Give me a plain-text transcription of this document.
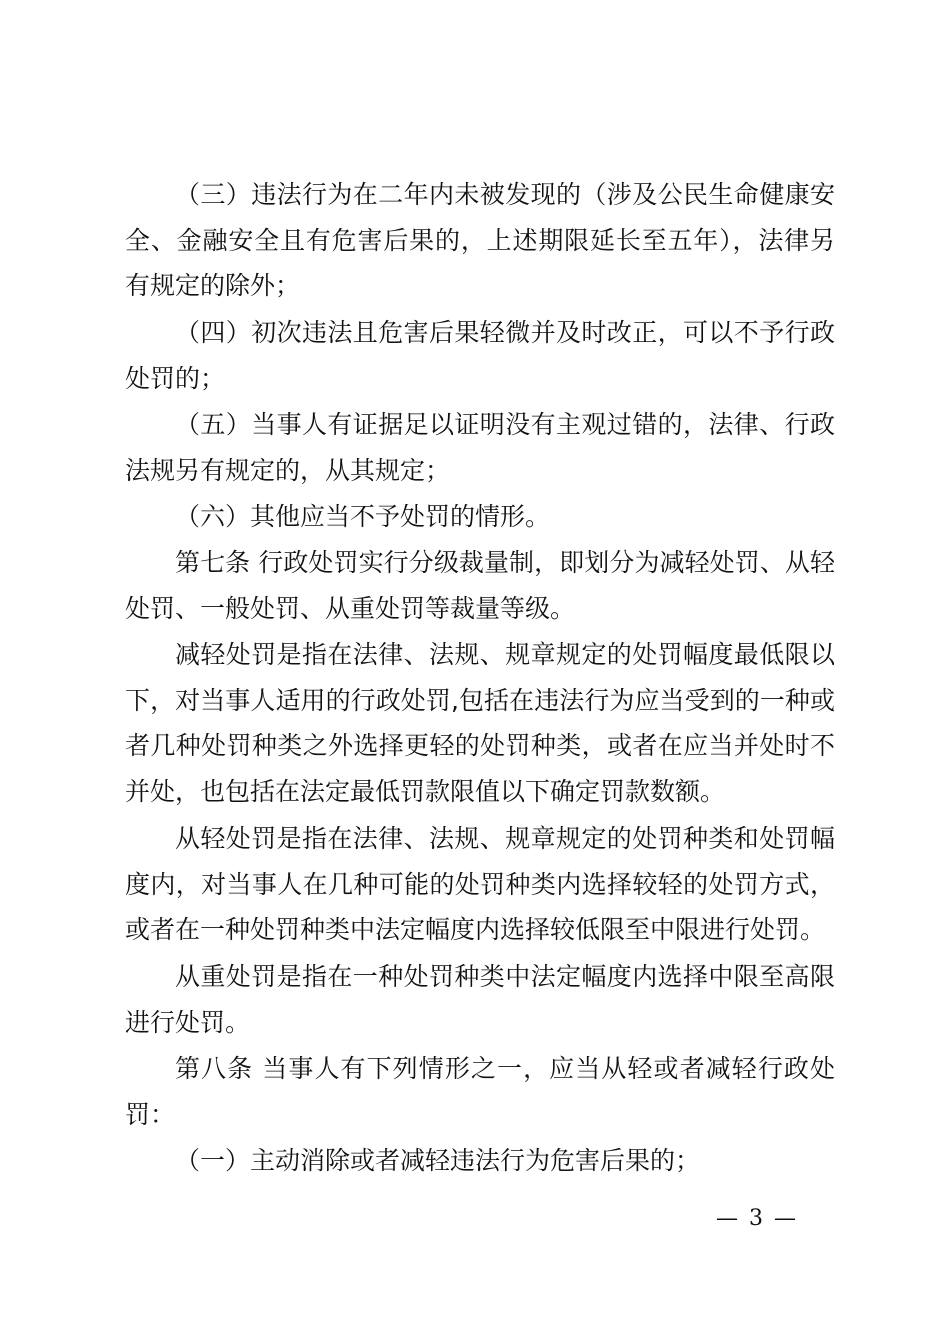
（三）违法行为在二年内未被发现的（涉及公民生命健康安全、金融安全且有危害后果的，上述期限延长至五年），法律另有规定的除外；

（四）初次违法且危害后果轻微并及时改正，可以不予行政处罚的；

（五）当事人有证据足以证明没有主观过错的，法律、行政法规另有规定的，从其规定；

（六）其他应当不予处罚的情形。

第七条 行政处罚实行分级裁量制，即划分为减轻处罚、从轻处罚、一般处罚、从重处罚等裁量等级。

减轻处罚是指在法律、法规、规章规定的处罚幅度最低限以下，对当事人适用的行政处罚,包括在违法行为应当受到的一种或者几种处罚种类之外选择更轻的处罚种类，或者在应当并处时不并处，也包括在法定最低罚款限值以下确定罚款数额。

从轻处罚是指在法律、法规、规章规定的处罚种类和处罚幅度内，对当事人在几种可能的处罚种类内选择较轻的处罚方式，或者在一种处罚种类中法定幅度内选择较低限至中限进行处罚。

从重处罚是指在一种处罚种类中法定幅度内选择中限至高限进行处罚。

第八条 当事人有下列情形之一，应当从轻或者减轻行政处罚：

（一）主动消除或者减轻违法行为危害后果的；

— 3 —
